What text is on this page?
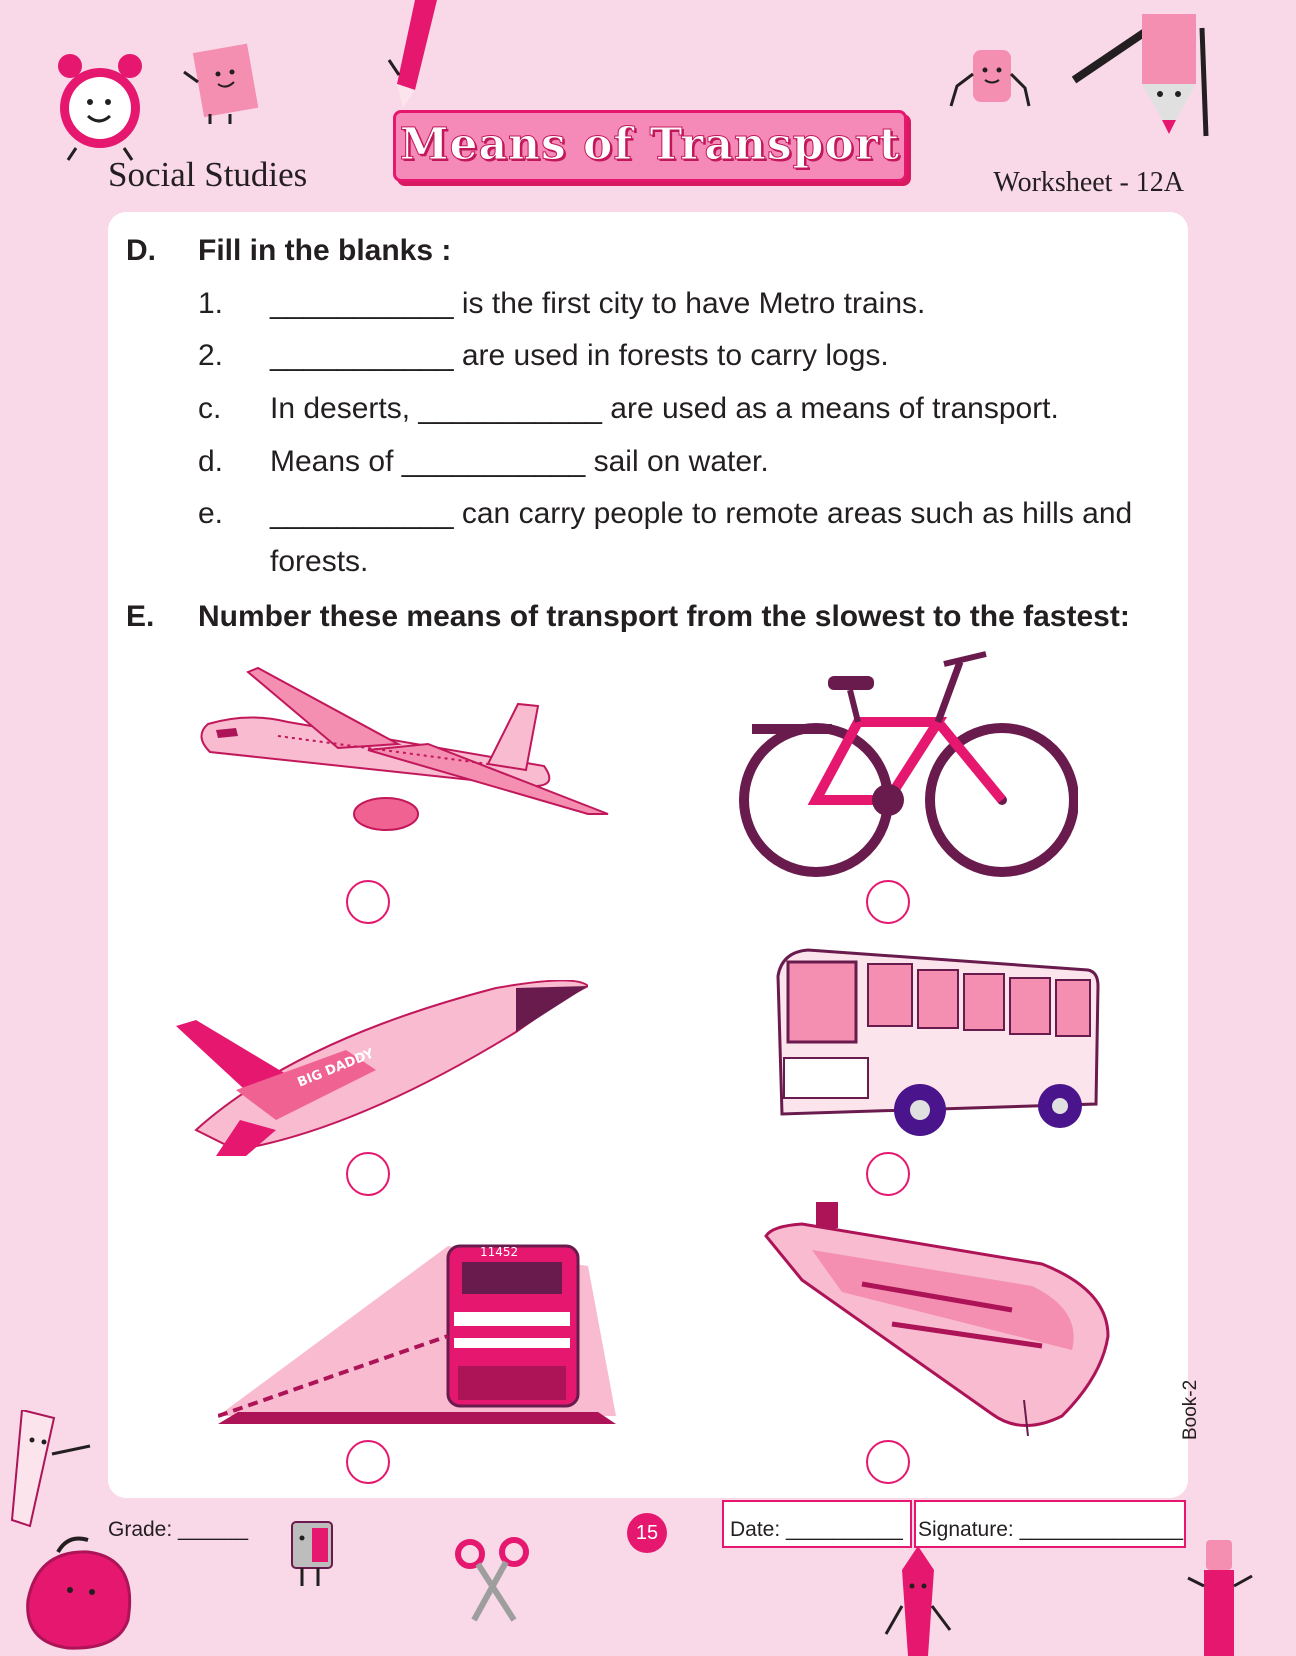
Means of Transport
Social Studies	Worksheet - 12A
D. Fill in the blanks :
1. ___________ is the first city to have Metro trains.
2. ___________ are used in forests to carry logs.
c. In deserts, ___________ are used as a means of transport.
d. Means of ___________ sail on water.
e. ___________ can carry people to remote areas such as hills and
forests.
E. Number these means of transport from the slowest to the fastest:
BIG DADDY
11452
Book-2
Grade: ______	15	Date: __________ Signature: ______________
